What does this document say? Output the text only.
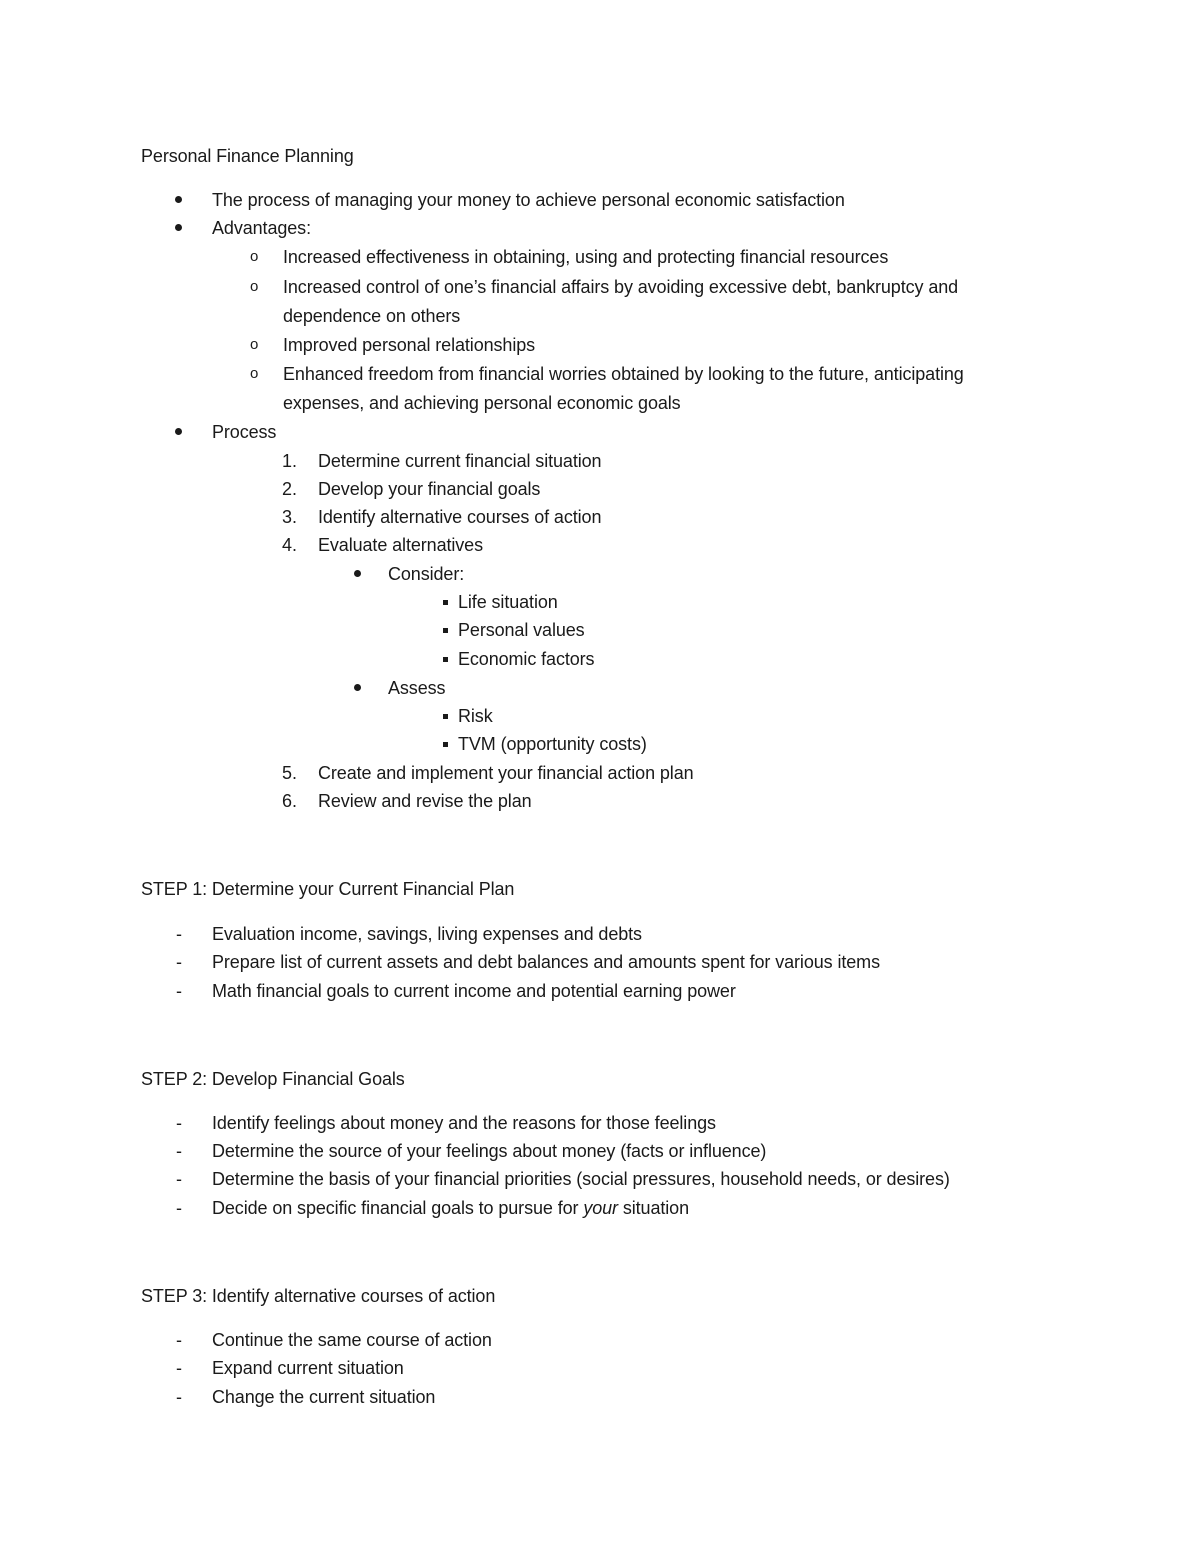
Personal Finance Planning
The process of managing your money to achieve personal economic satisfaction
Advantages:
o Increased effectiveness in obtaining, using and protecting financial resources
o Increased control of one’s financial affairs by avoiding excessive debt, bankruptcy and
dependence on others
o Improved personal relationships
o Enhanced freedom from financial worries obtained by looking to the future, anticipating
expenses, and achieving personal economic goals
Process
1. Determine current financial situation
2. Develop your financial goals
3. Identify alternative courses of action
4. Evaluate alternatives
Consider:
Life situation
Personal values
Economic factors
Assess
Risk
TVM (opportunity costs)
5. Create and implement your financial action plan
6. Review and revise the plan
STEP 1: Determine your Current Financial Plan
- Evaluation income, savings, living expenses and debts
- Prepare list of current assets and debt balances and amounts spent for various items
- Math financial goals to current income and potential earning power
STEP 2: Develop Financial Goals
- Identify feelings about money and the reasons for those feelings
- Determine the source of your feelings about money (facts or influence)
- Determine the basis of your financial priorities (social pressures, household needs, or desires)
- Decide on specific financial goals to pursue for your situation
STEP 3: Identify alternative courses of action
- Continue the same course of action
- Expand current situation
- Change the current situation
